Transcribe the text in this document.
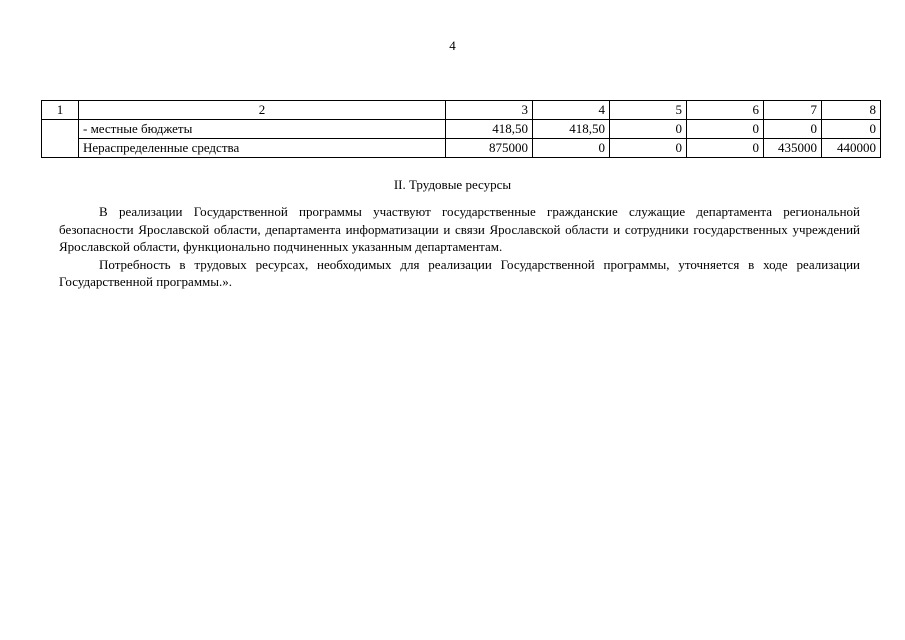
4
1	2	3	4	5	6	7	8
	- местные бюджеты	418,50	418,50	0	0	0	0
	Нераспределенные средства	875000	0	0	0	435000	440000
II. Трудовые ресурсы

В реализации Государственной программы участвуют государственные гражданские служащие департамента региональной безопасности Ярославской области, департамента информатизации и связи Ярославской области и сотрудники государственных учреждений Ярославской области, функционально подчиненных указанным департаментам.

Потребность в трудовых ресурсах, необходимых для реализации Государственной программы, уточняется в ходе реализации Государственной программы.».
